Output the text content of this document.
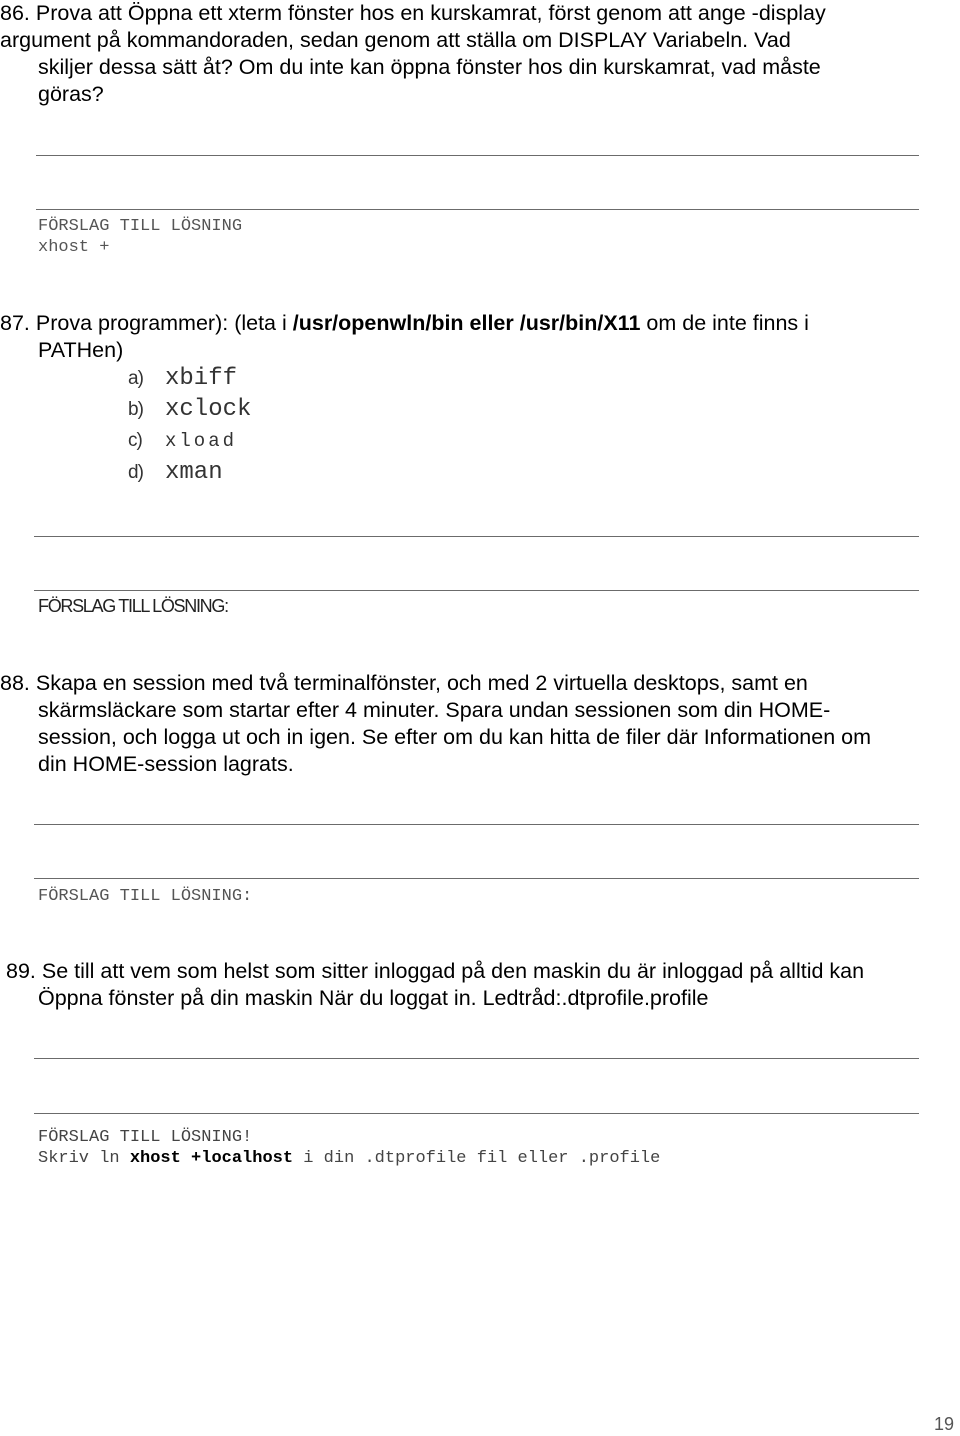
86. Prova att Öppna ett xterm fönster hos en kurskamrat, först genom att ange -display
argument på kommandoraden, sedan genom att ställa om DISPLAY Variabeln. Vad
skiljer dessa sätt åt? Om du inte kan öppna fönster hos din kurskamrat, vad måste
göras?
FÖRSLAG TILL LÖSNING
xhost +
87. Prova programmer): (leta i /usr/openwln/bin eller /usr/bin/X11 om de inte finns i
PATHen)
a) xbiff
b) xclock
c) xload
d) xman
FÖRSLAG TILL LÖSNING:
88. Skapa en session med två terminalfönster, och med 2 virtuella desktops, samt en
skärmsläckare som startar efter 4 minuter. Spara undan sessionen som din HOME-
session, och logga ut och in igen. Se efter om du kan hitta de filer där Informationen om
din HOME-session lagrats.
FÖRSLAG TILL LÖSNING:
89. Se till att vem som helst som sitter inloggad på den maskin du är inloggad på alltid kan
Öppna fönster på din maskin När du loggat in. Ledtråd:.dtprofile.profile
FÖRSLAG TILL LÖSNING!
Skriv ln xhost +localhost i din .dtprofile fil eller .profile
19
